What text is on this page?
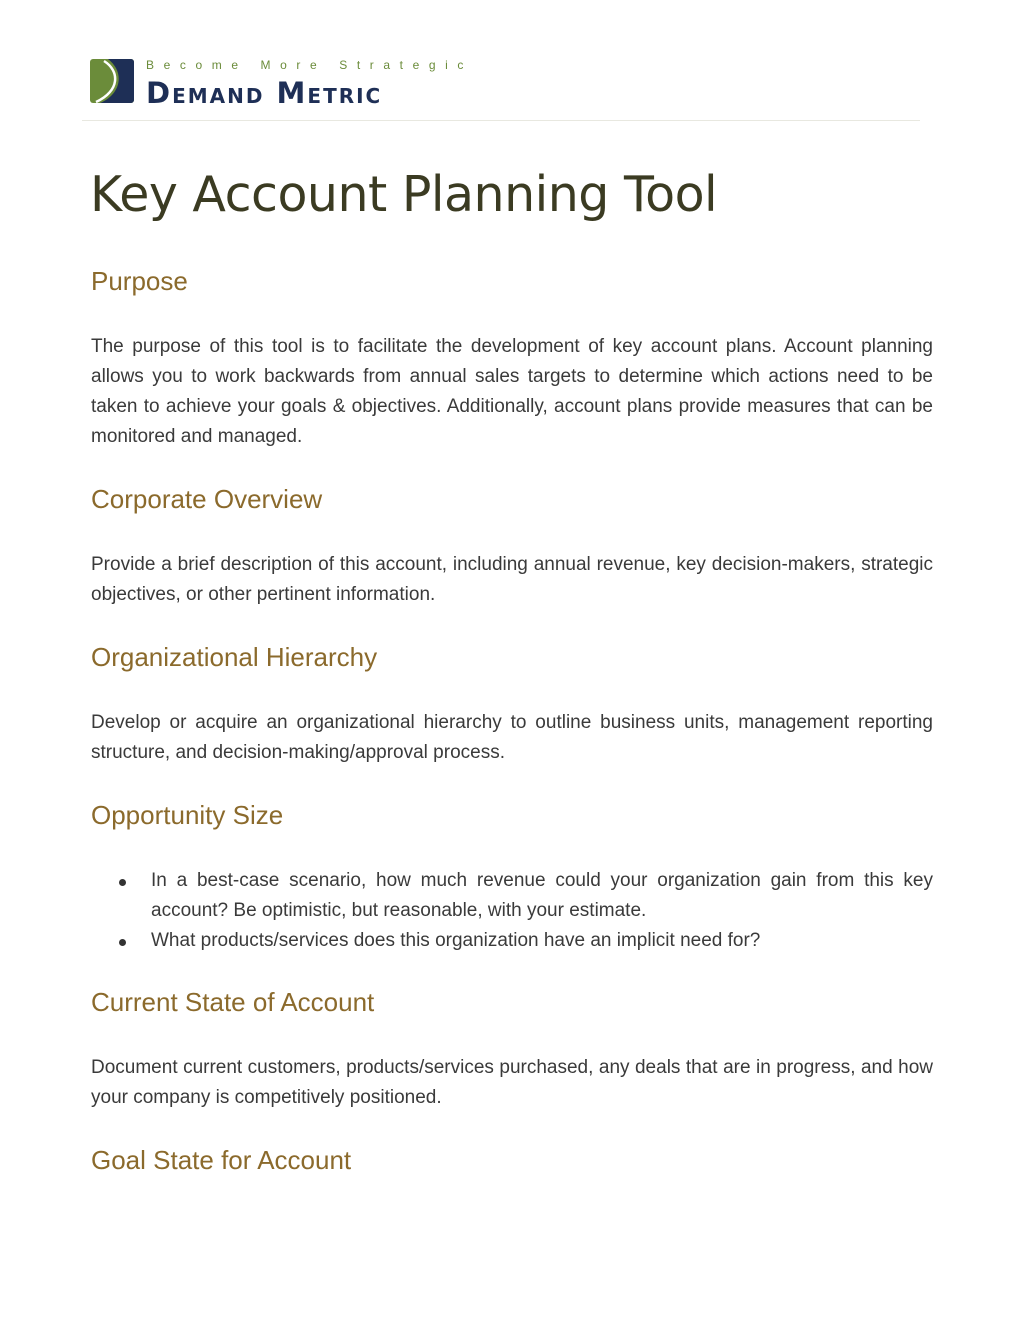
Become More Strategic
Demand Metric
Key Account Planning Tool
Purpose

The purpose of this tool is to facilitate the development of key account plans. Account planning allows you to work backwards from annual sales targets to determine which actions need to be taken to achieve your goals & objectives. Additionally, account plans provide measures that can be monitored and managed.

Corporate Overview

Provide a brief description of this account, including annual revenue, key decision-makers, strategic objectives, or other pertinent information.

Organizational Hierarchy

Develop or acquire an organizational hierarchy to outline business units, management reporting structure, and decision-making/approval process.

Opportunity Size
In a best-case scenario, how much revenue could your organization gain from this key account? Be optimistic, but reasonable, with your estimate.
What products/services does this organization have an implicit need for?
Current State of Account

Document current customers, products/services purchased, any deals that are in progress, and how your company is competitively positioned.

Goal State for Account
